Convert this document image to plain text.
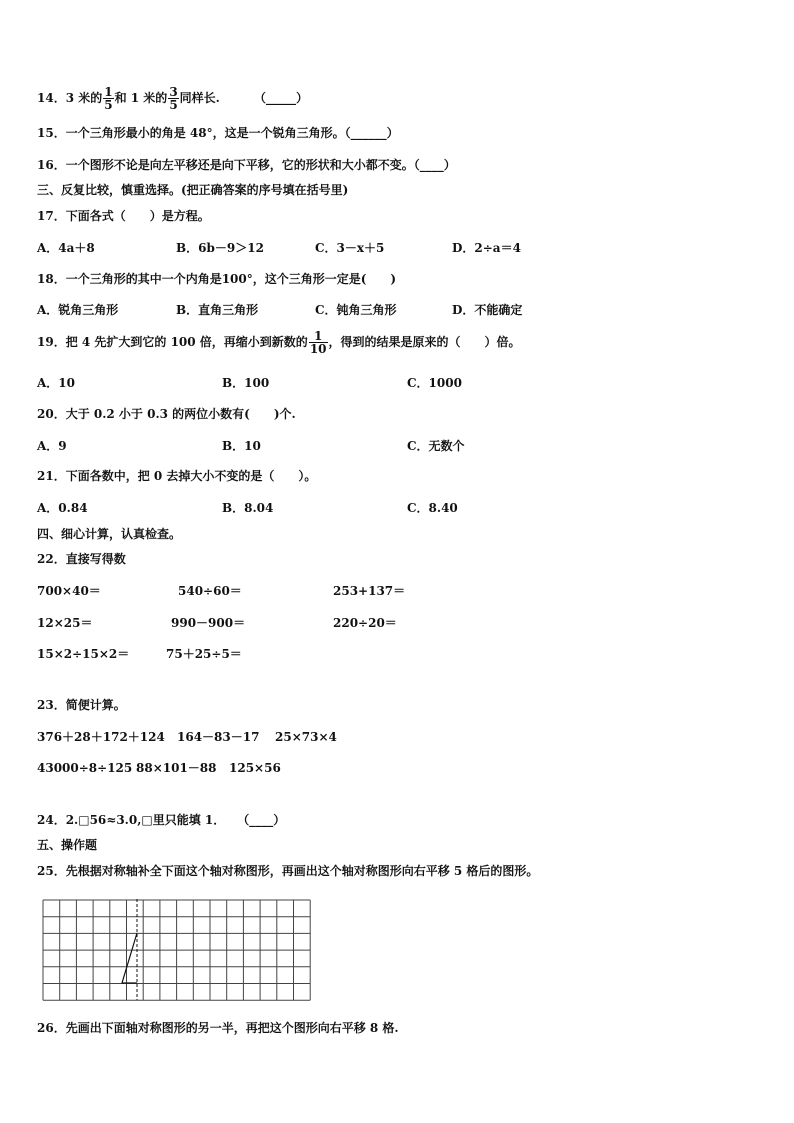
14．3 米的 $\frac{1}{5}$ 和 1 米的 $\frac{3}{5}$ 同样长.	（_____）
15．一个三角形最小的角是 48°，这是一个锐角三角形。（______）
16．一个图形不论是向左平移还是向下平移，它的形状和大小都不变。（____）
三、反复比较，慎重选择。(把正确答案的序号填在括号里)
17．下面各式（　　）是方程。
A．4a＋8	B．6b－9＞12	C．3－x＋5	D．2÷a＝4
18．一个三角形的其中一个内角是100°，这个三角形一定是(　　)
A．锐角三角形	B．直角三角形	C．钝角三角形	D．不能确定
19．把 4 先扩大到它的 100 倍，再缩小到新数的 $\frac{1}{10}$ ，得到的结果是原来的（　　）倍。
A．10	B．100	C．1000
20．大于 0.2 小于 0.3 的两位小数有(　　)个.
A．9	B．10	C．无数个
21．下面各数中，把 0 去掉大小不变的是（　　）。
A．0.84	B．8.04	C．8.40
四、细心计算，认真检查。
22．直接写得数
700×40＝	540÷60＝	253+137＝
12×25＝	990－900＝	220÷20＝
15×2÷15×2＝	75＋25÷5＝
23．简便计算。
376＋28＋172＋124 164－83－17 25×73×4
43000÷8÷125 88×101－88 125×56
24．2.□56≈3.0,□里只能填 1．　　（____）
五、操作题
25．先根据对称轴补全下面这个轴对称图形，再画出这个轴对称图形向右平移 5 格后的图形。
26．先画出下面轴对称图形的另一半，再把这个图形向右平移 8 格.
